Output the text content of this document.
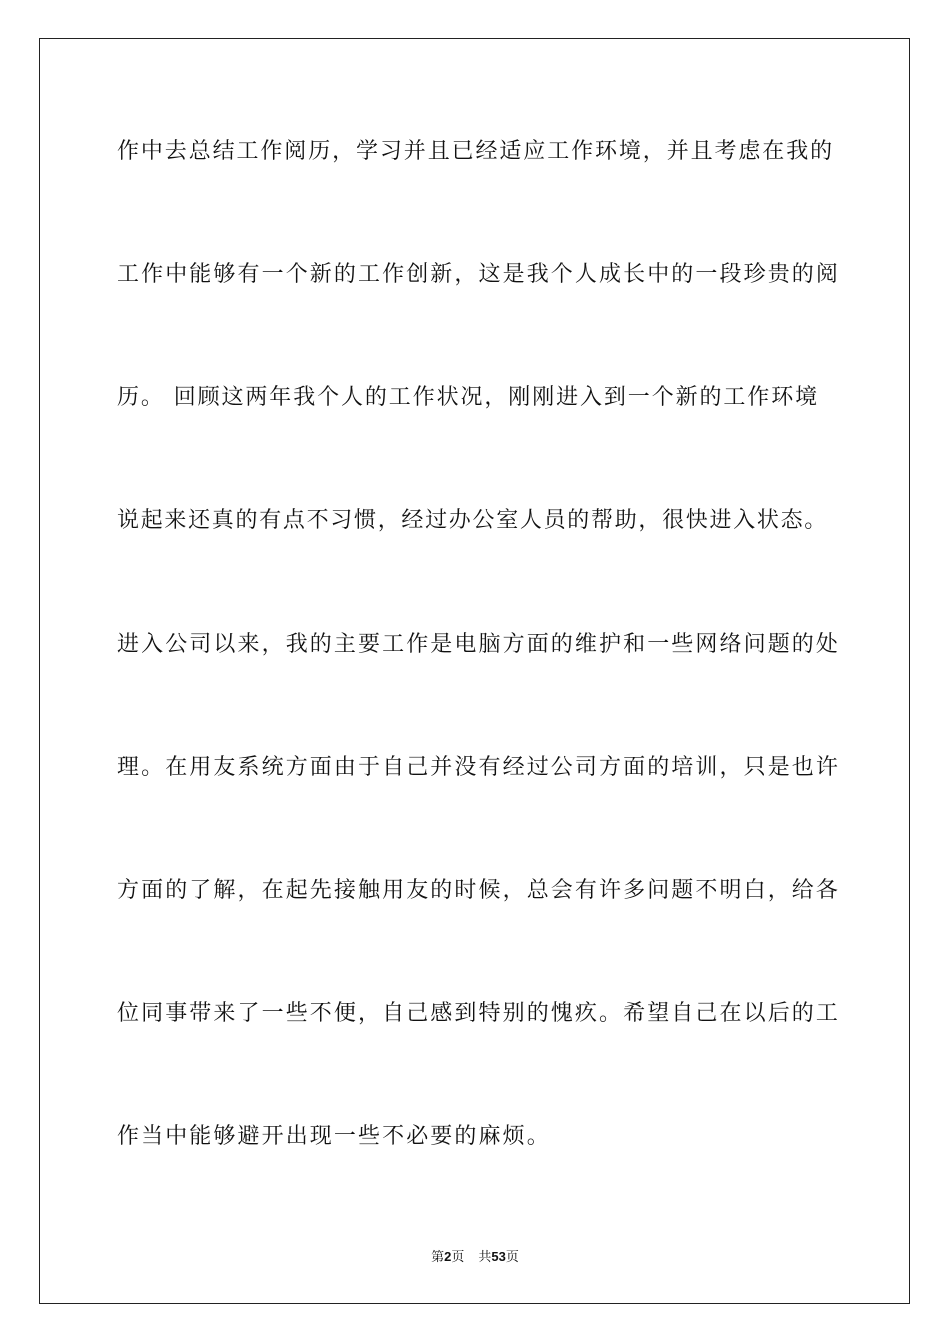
作中去总结工作阅历，学习并且已经适应工作环境，并且考虑在我的
工作中能够有一个新的工作创新，这是我个人成长中的一段珍贵的阅
历。 回顾这两年我个人的工作状况，刚刚进入到一个新的工作环境
说起来还真的有点不习惯，经过办公室人员的帮助，很快进入状态。
进入公司以来，我的主要工作是电脑方面的维护和一些网络问题的处
理。在用友系统方面由于自己并没有经过公司方面的培训，只是也许
方面的了解，在起先接触用友的时候，总会有许多问题不明白，给各
位同事带来了一些不便，自己感到特别的愧疚。希望自己在以后的工
作当中能够避开出现一些不必要的麻烦。
第2页 共53页
